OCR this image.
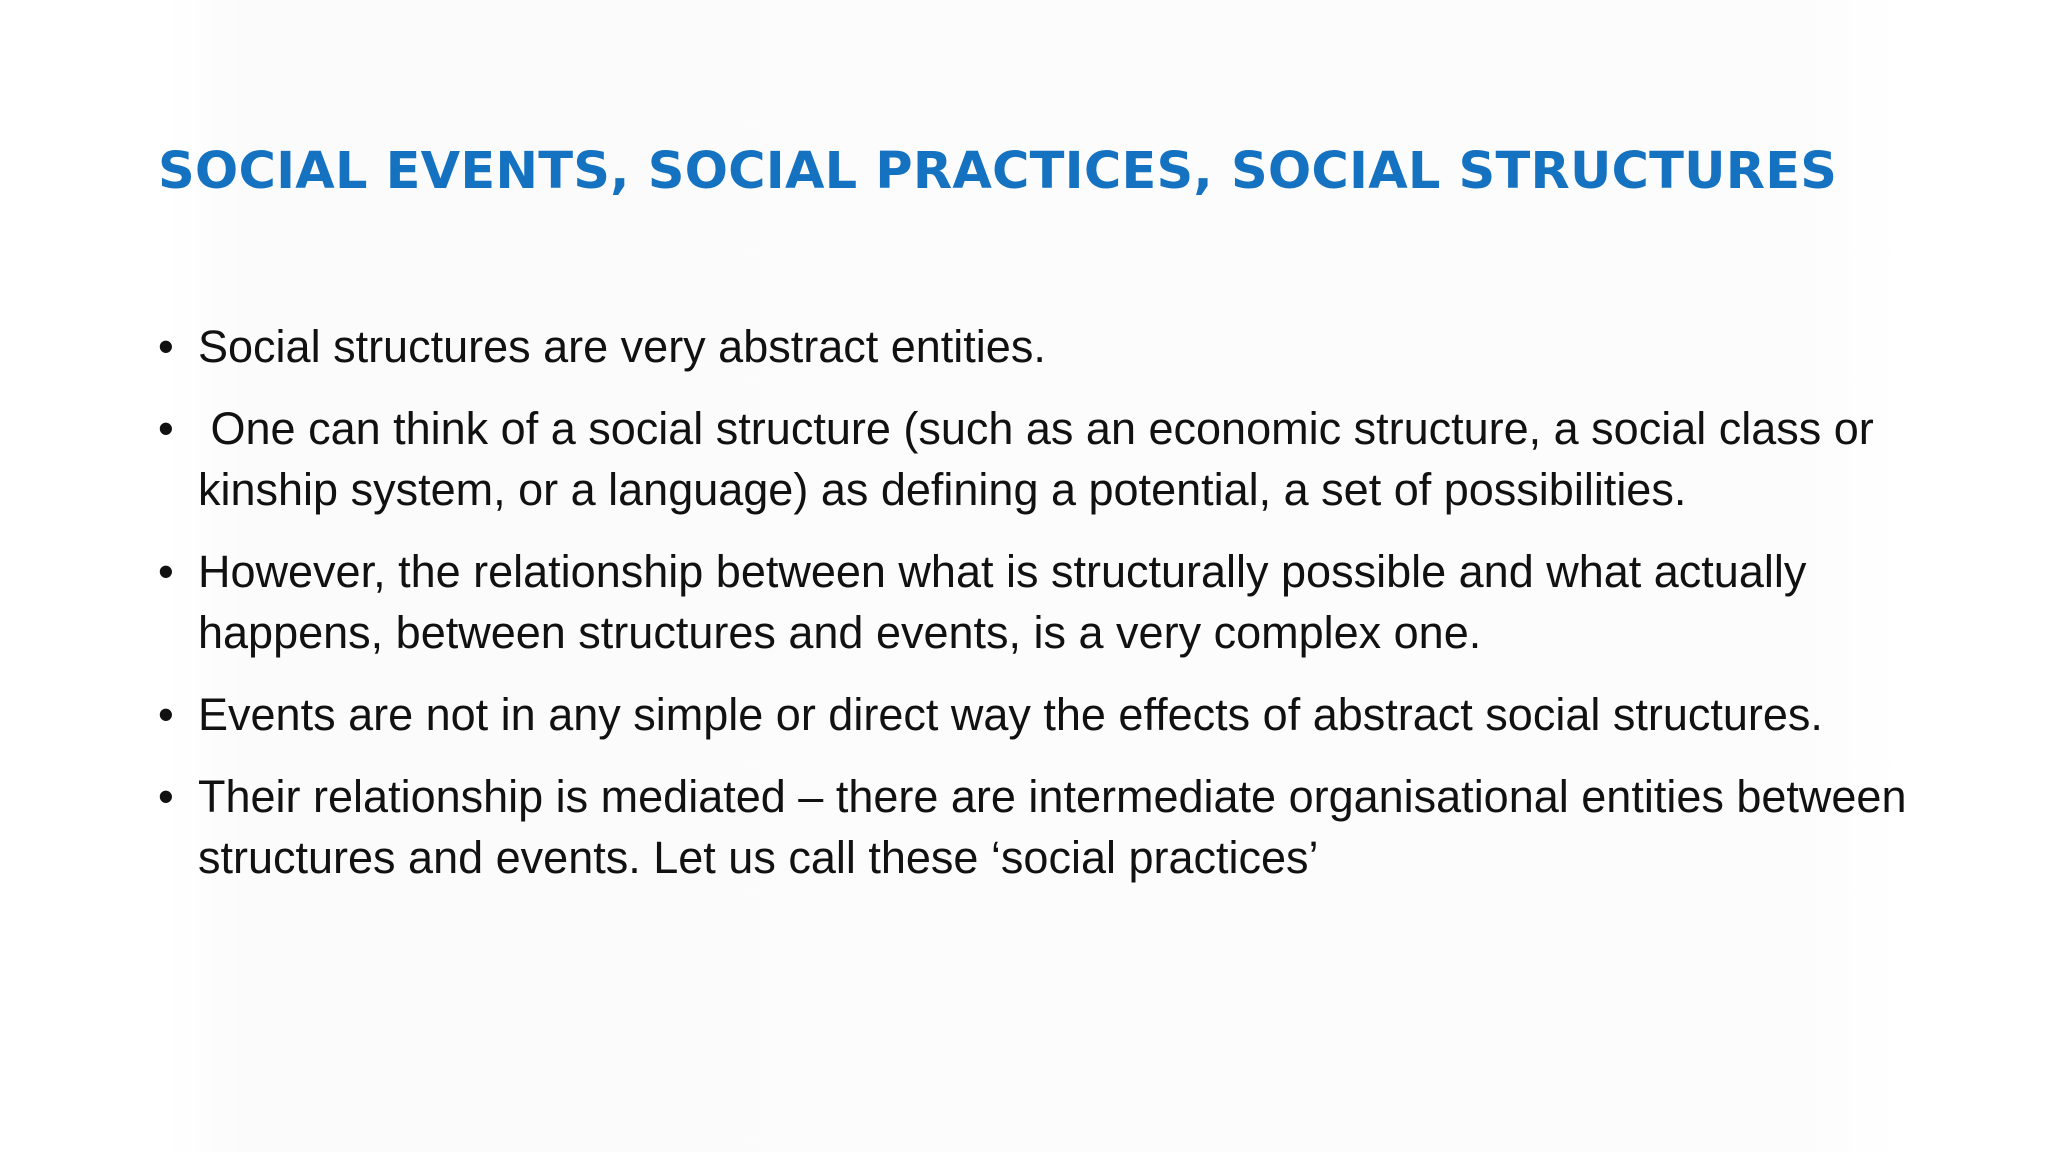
SOCIAL EVENTS, SOCIAL PRACTICES, SOCIAL STRUCTURES
• Social structures are very abstract entities.
• One can think of a social structure (such as an economic structure, a social class or kinship system, or a language) as defining a potential, a set of possibilities.
• However, the relationship between what is structurally possible and what actually happens, between structures and events, is a very complex one.
• Events are not in any simple or direct way the effects of abstract social structures.
• Their relationship is mediated – there are intermediate organisational entities between structures and events. Let us call these ‘social practices’
